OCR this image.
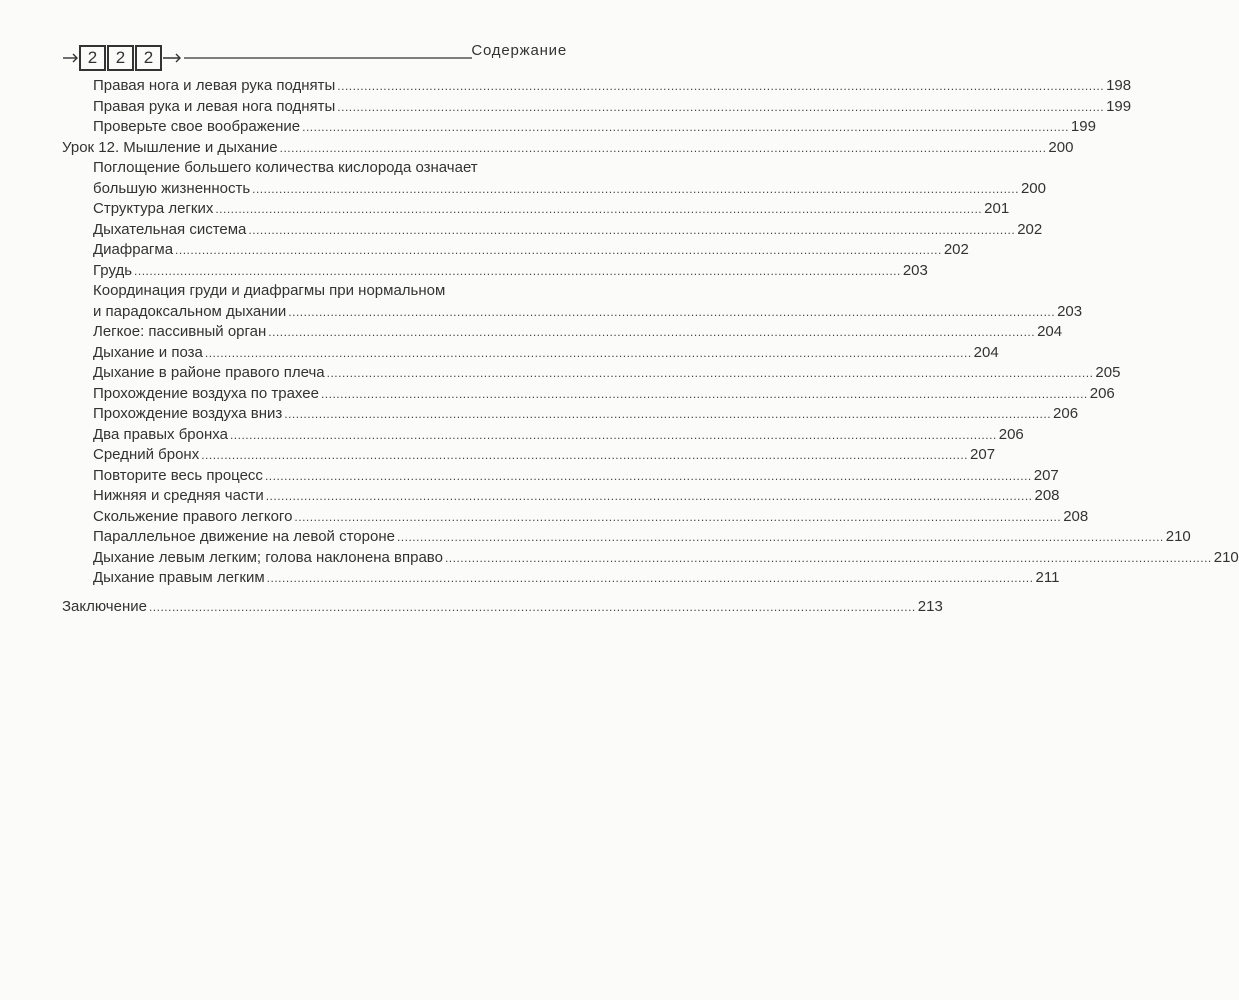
2	2	2	Содержание
Правая нога и левая рука подняты ........................................................................................................................................................................................................ 198
Правая рука и левая нога подняты ........................................................................................................................................................................................................ 199
Проверьте свое воображение ........................................................................................................................................................................................................ 199
Урок 12. Мышление и дыхание ........................................................................................................................................................................................................ 200
Поглощение большего количества кислорода означает
большую жизненность ........................................................................................................................................................................................................ 200
Структура легких ........................................................................................................................................................................................................ 201
Дыхательная система ........................................................................................................................................................................................................ 202
Диафрагма ........................................................................................................................................................................................................ 202
Грудь ........................................................................................................................................................................................................ 203
Координация груди и диафрагмы при нормальном
и парадоксальном дыхании ........................................................................................................................................................................................................ 203
Легкое: пассивный орган ........................................................................................................................................................................................................ 204
Дыхание и поза ........................................................................................................................................................................................................ 204
Дыхание в районе правого плеча ........................................................................................................................................................................................................ 205
Прохождение воздуха по трахее ........................................................................................................................................................................................................ 206
Прохождение воздуха вниз ........................................................................................................................................................................................................ 206
Два правых бронха ........................................................................................................................................................................................................ 206
Средний бронх ........................................................................................................................................................................................................ 207
Повторите весь процесс ........................................................................................................................................................................................................ 207
Нижняя и средняя части ........................................................................................................................................................................................................ 208
Скольжение правого легкого ........................................................................................................................................................................................................ 208
Параллельное движение на левой стороне ........................................................................................................................................................................................................ 210
Дыхание левым легким; голова наклонена вправо ........................................................................................................................................................................................................ 210
Дыхание правым легким ........................................................................................................................................................................................................ 211
Заключение ........................................................................................................................................................................................................ 213
